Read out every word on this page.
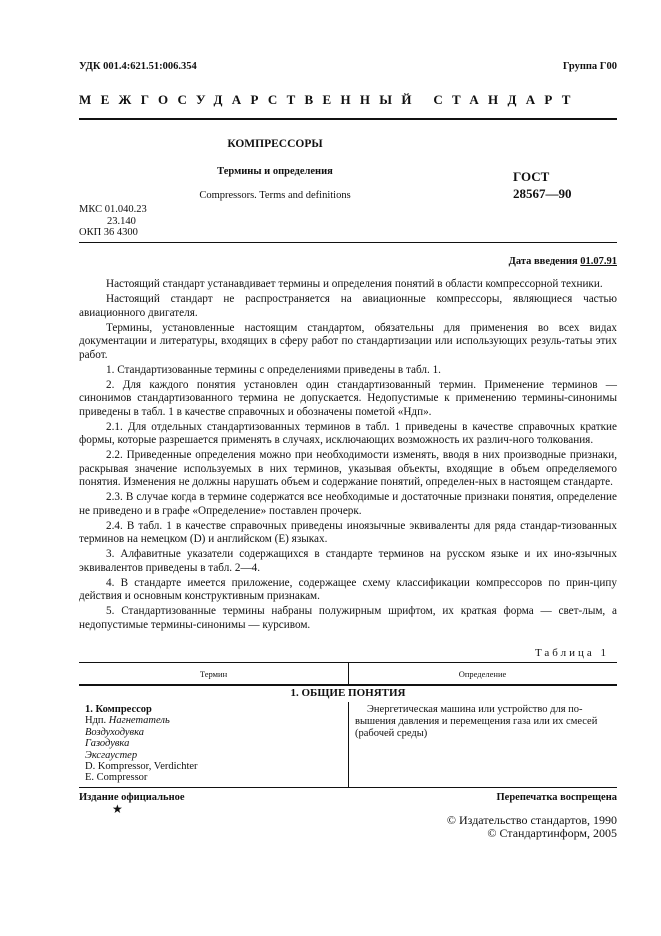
УДК 001.4:621.51:006.354	Группа Г00
МЕЖГОСУДАРСТВЕННЫЙ СТАНДАРТ
КОМПРЕССОРЫ
Термины и определения
Compressors. Terms and definitions
ГОСТ
28567—90
МКС 01.040.23
23.140
ОКП 36 4300
Дата введения 01.07.91

Настоящий стандарт устанавдивает термины и определения понятий в области компрессорной техники.

Настоящий стандарт не распространяется на авиационные компрессоры, являющиеся частью авиационного двигателя.

Термины, установленные настоящим стандартом, обязательны для применения во всех видах документации и литературы, входящих в сферу работ по стандартизации или использующих резуль-татьы этих работ.

1. Стандартизованные термины с определениями приведены в табл. 1.

2. Для каждого понятия установлен один стандартизованный термин. Применение терминов — синонимов стандартизованного термина не допускается. Недопустимые к применению термины-синонимы приведены в табл. 1 в качестве справочных и обозначены пометой «Ндп».

2.1. Для отдельных стандартизованных терминов в табл. 1 приведены в качестве справочных краткие формы, которые разрешается применять в случаях, исключающих возможность их различ-ного толкования.

2.2. Приведенные определения можно при необходимости изменять, вводя в них производные признаки, раскрывая значение используемых в них терминов, указывая объекты, входящие в объем определяемого понятия. Изменения не должны нарушать объем и содержание понятий, определен-ных в настоящем стандарте.

2.3. В случае когда в термине содержатся все необходимые и достаточные признаки понятия, определение не приведено и в графе «Определение» поставлен прочерк.

2.4. В табл. 1 в качестве справочных приведены иноязычные эквиваленты для ряда стандар-тизованных терминов на немецком (D) и английском (E) языках.

3. Алфавитные указатели содержащихся в стандарте терминов на русском языке и их ино-язычных эквивалентов приведены в табл. 2—4.

4. В стандарте имеется приложение, содержащее схему классификации компрессоров по прин-ципу действия и основным конструктивным признакам.

5. Стандартизованные термины набраны полужирным шрифтом, их краткая форма — свет-лым, а недопустимые термины-синонимы — курсивом.

Таблица 1
Термин	Определение
1. ОБЩИЕ ПОНЯТИЯ
1. Компрессор
Ндп. Нагнетатель
Воздуходувка
Газодувка
Эксгаустер
D. Kompressor, Verdichter
E. Compressor
Энергетическая машина или устройство для по-вышения давления и перемещения газа или их смесей (рабочей среды)
Издание официальное
★
Перепечатка воспрещена
© Издательство стандартов, 1990
© Стандартинформ, 2005
